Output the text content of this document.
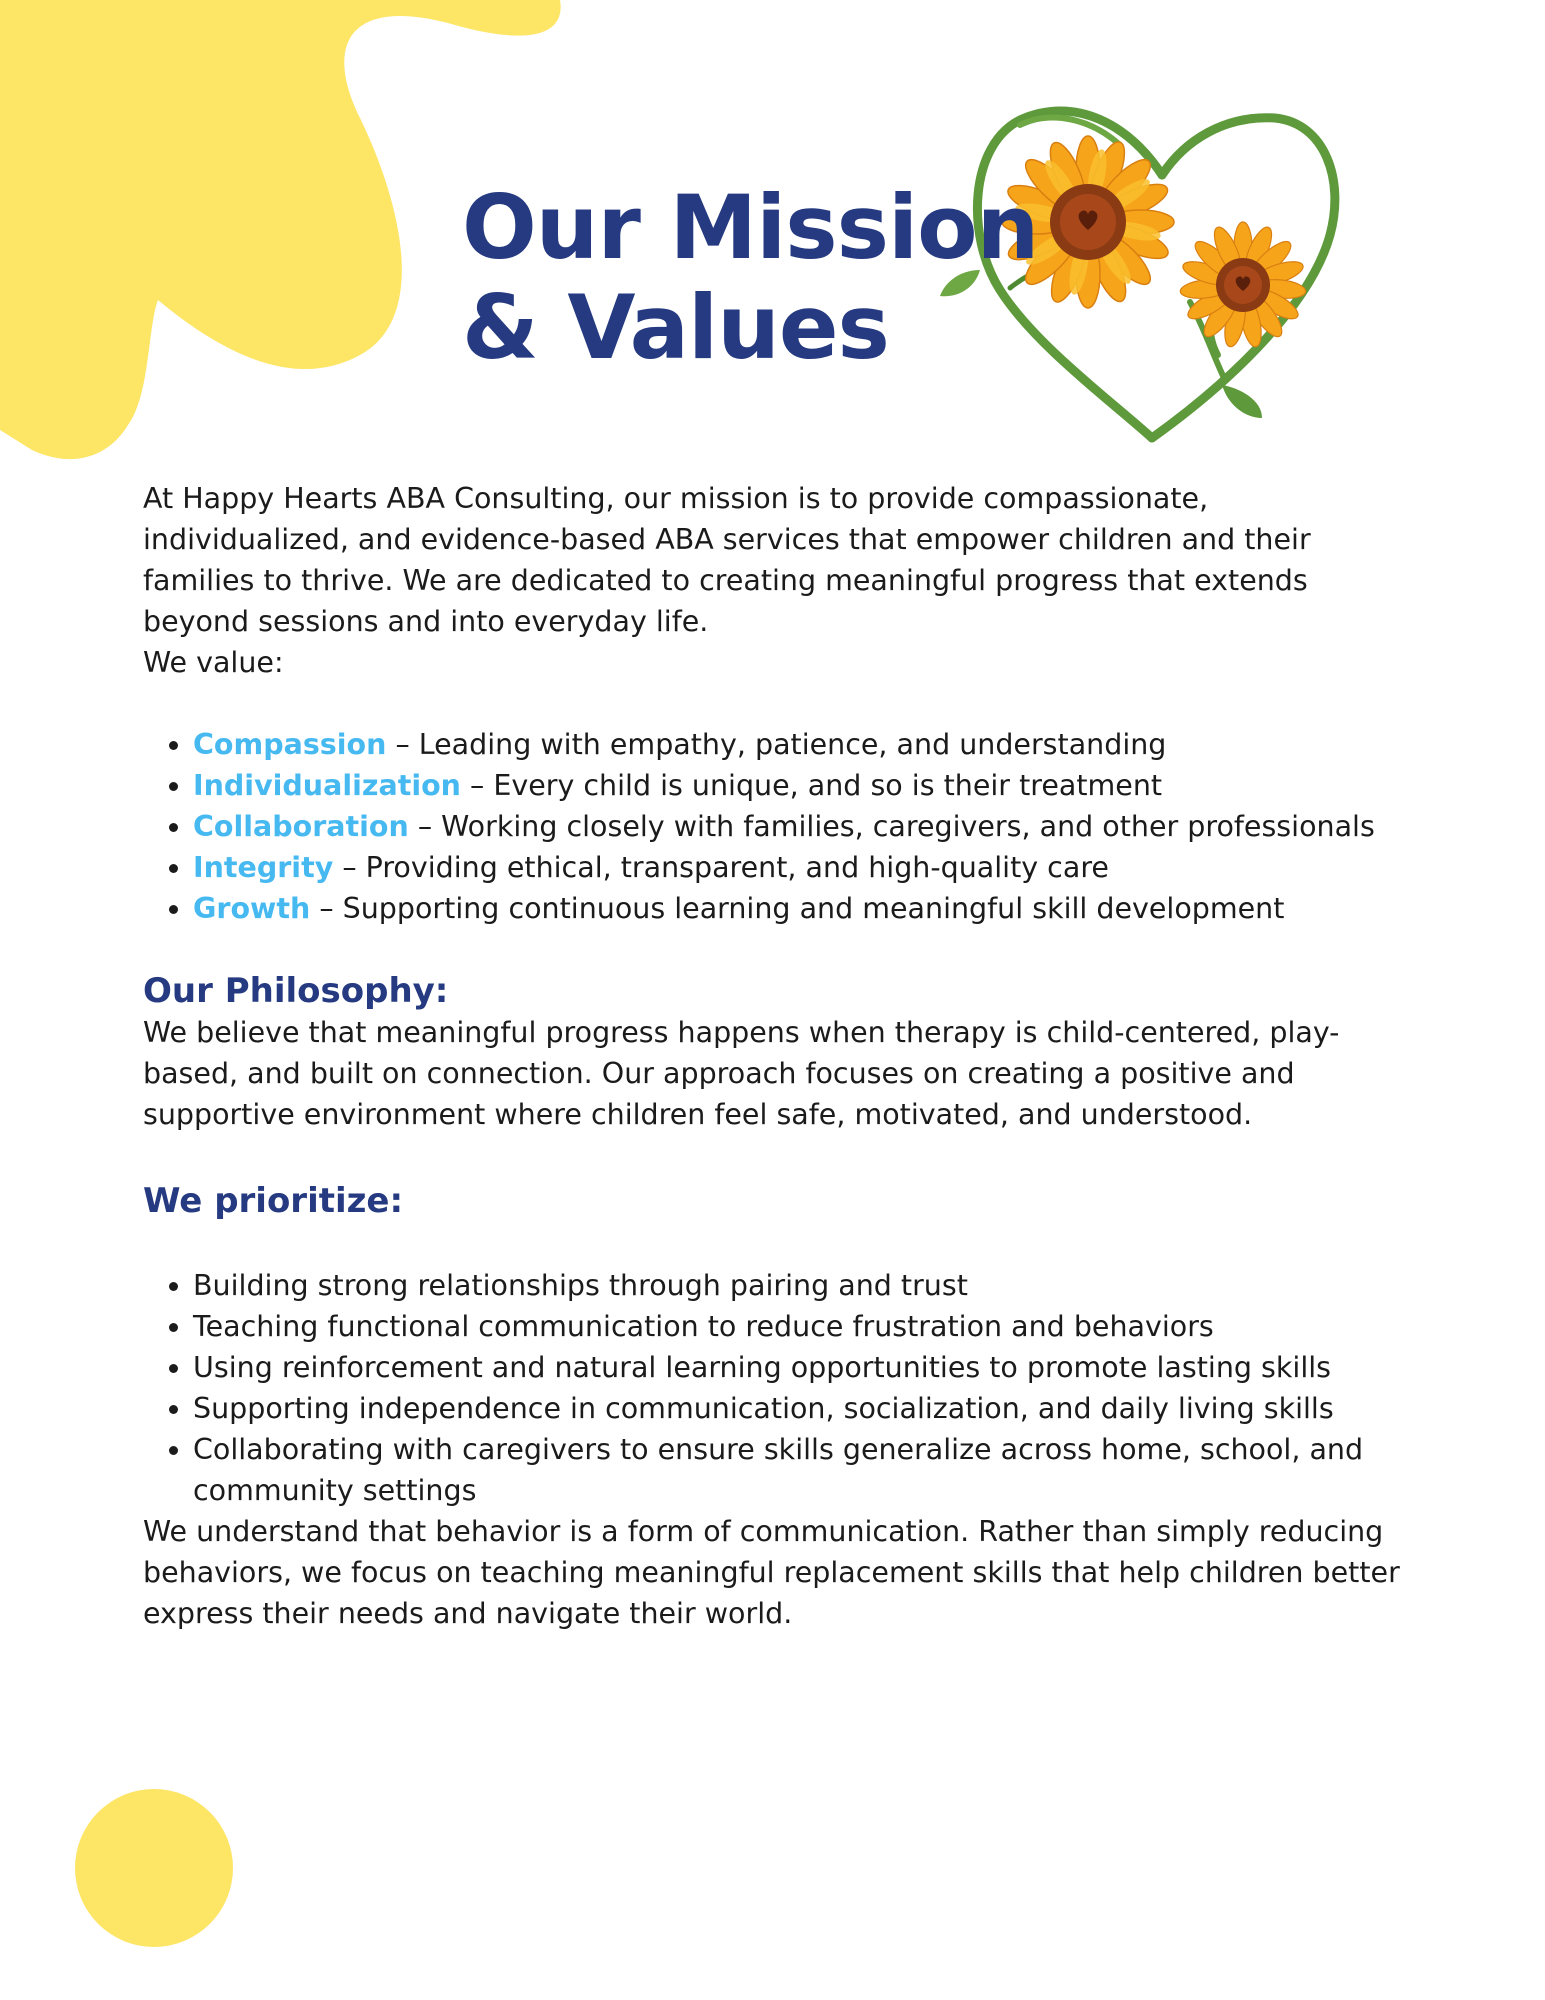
Our Mission
& Values

At Happy Hearts ABA Consulting, our mission is to provide compassionate, individualized, and evidence-based ABA services that empower children and their families to thrive. We are dedicated to creating meaningful progress that extends beyond sessions and into everyday life.

We value:

• Compassion – Leading with empathy, patience, and understanding
• Individualization – Every child is unique, and so is their treatment
• Collaboration – Working closely with families, caregivers, and other professionals
• Integrity – Providing ethical, transparent, and high-quality care
• Growth – Supporting continuous learning and meaningful skill development
Our Philosophy:

We believe that meaningful progress happens when therapy is child-centered, play-based, and built on connection. Our approach focuses on creating a positive and supportive environment where children feel safe, motivated, and understood.

We prioritize:
• Building strong relationships through pairing and trust
• Teaching functional communication to reduce frustration and behaviors
• Using reinforcement and natural learning opportunities to promote lasting skills
• Supporting independence in communication, socialization, and daily living skills
• Collaborating with caregivers to ensure skills generalize across home, school, and community settings

We understand that behavior is a form of communication. Rather than simply reducing behaviors, we focus on teaching meaningful replacement skills that help children better express their needs and navigate their world.
